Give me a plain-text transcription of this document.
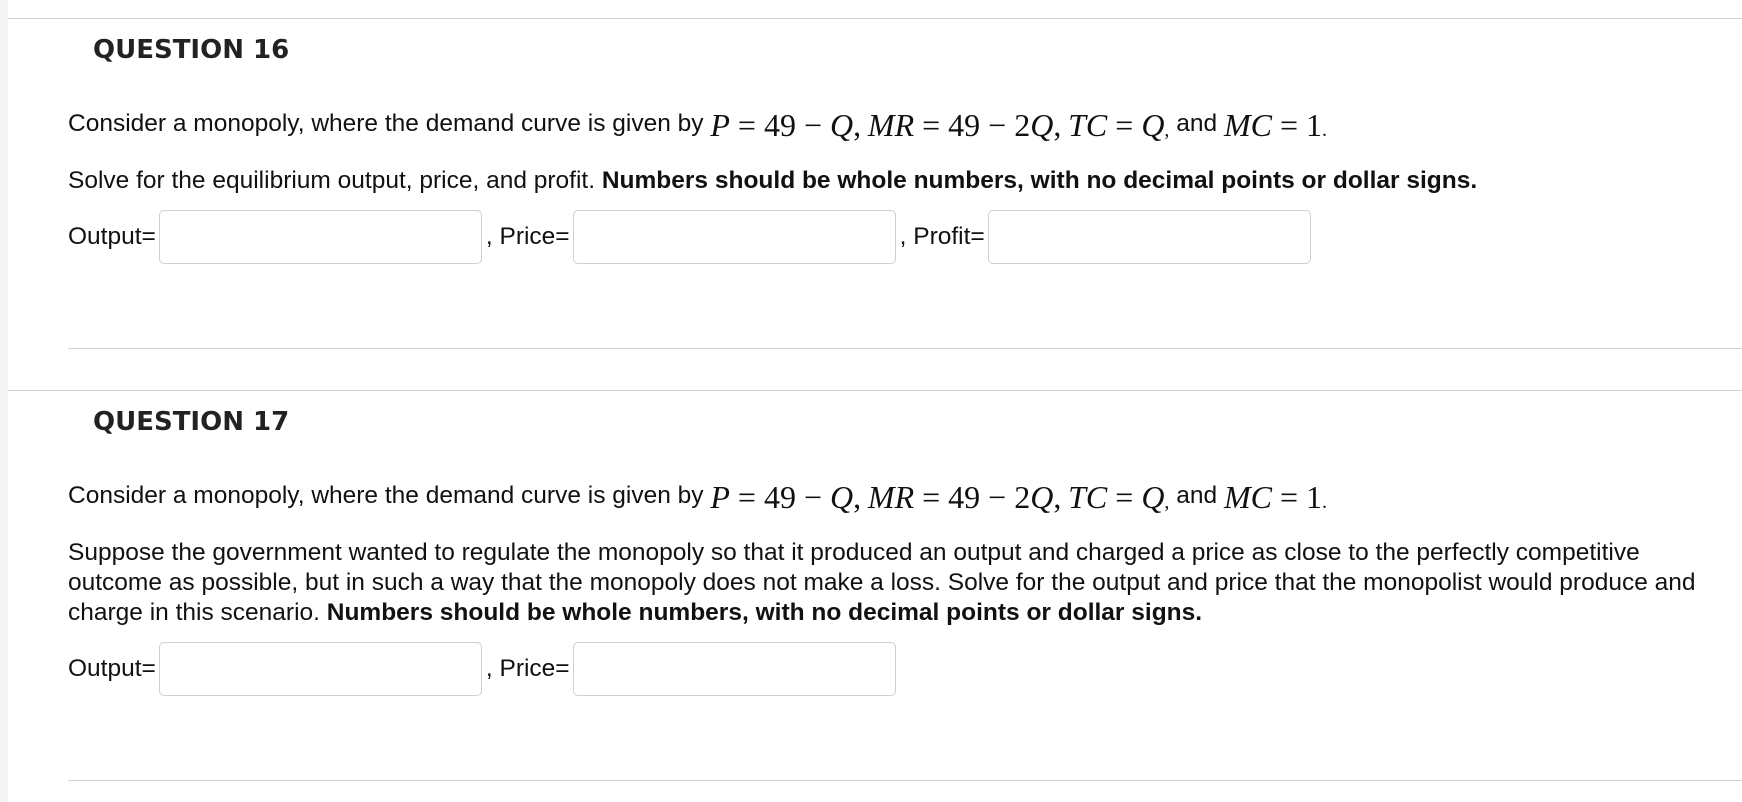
QUESTION 16

Consider a monopoly, where the demand curve is given by P = 49 − Q, MR = 49 − 2Q, TC = $Q_,$ and MC = $1_.$

Solve for the equilibrium output, price, and profit. Numbers should be whole numbers, with no decimal points or dollar signs.

Output=	, Price=	, Profit=
QUESTION 17

Consider a monopoly, where the demand curve is given by P = 49 − Q, MR = 49 − 2Q, TC = $Q_,$ and MC = $1_.$

Suppose the government wanted to regulate the monopoly so that it produced an output and charged a price as close to the perfectly competitive outcome as possible, but in such a way that the monopoly does not make a loss. Solve for the output and price that the monopolist would produce and charge in this scenario. Numbers should be whole numbers, with no decimal points or dollar signs.

Output=	, Price=
